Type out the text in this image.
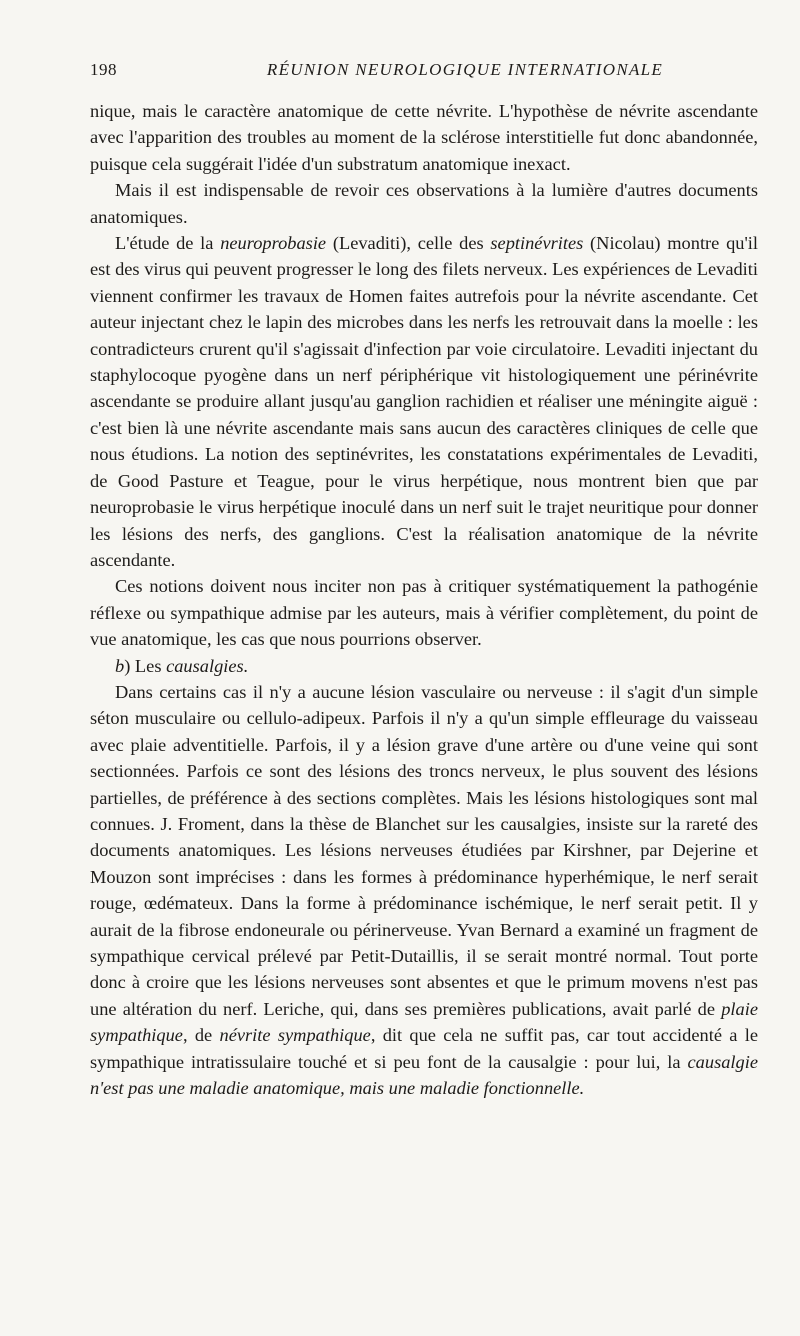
198	RÉUNION NEUROLOGIQUE INTERNATIONALE

nique, mais le caractère anatomique de cette névrite. L'hypothèse de névrite ascendante avec l'apparition des troubles au moment de la sclérose interstitielle fut donc abandonnée, puisque cela suggérait l'idée d'un substratum anatomique inexact.

Mais il est indispensable de revoir ces observations à la lumière d'autres documents anatomiques.

L'étude de la neuroprobasie (Levaditi), celle des septinévrites (Nicolau) montre qu'il est des virus qui peuvent progresser le long des filets nerveux. Les expériences de Levaditi viennent confirmer les travaux de Homen faites autrefois pour la névrite ascendante. Cet auteur injectant chez le lapin des microbes dans les nerfs les retrouvait dans la moelle : les contradicteurs crurent qu'il s'agissait d'infection par voie circulatoire. Levaditi injectant du staphylocoque pyogène dans un nerf périphérique vit histologiquement une périnévrite ascendante se produire allant jusqu'au ganglion rachidien et réaliser une méningite aiguë : c'est bien là une névrite ascendante mais sans aucun des caractères cliniques de celle que nous étudions. La notion des septinévrites, les constatations expérimentales de Levaditi, de Good Pasture et Teague, pour le virus herpétique, nous montrent bien que par neuroprobasie le virus herpétique inoculé dans un nerf suit le trajet neuritique pour donner les lésions des nerfs, des ganglions. C'est la réalisation anatomique de la névrite ascendante.

Ces notions doivent nous inciter non pas à critiquer systématiquement la pathogénie réflexe ou sympathique admise par les auteurs, mais à vérifier complètement, du point de vue anatomique, les cas que nous pourrions observer.

b) Les causalgies.

Dans certains cas il n'y a aucune lésion vasculaire ou nerveuse : il s'agit d'un simple séton musculaire ou cellulo-adipeux. Parfois il n'y a qu'un simple effleurage du vaisseau avec plaie adventitielle. Parfois, il y a lésion grave d'une artère ou d'une veine qui sont sectionnées. Parfois ce sont des lésions des troncs nerveux, le plus souvent des lésions partielles, de préférence à des sections complètes. Mais les lésions histologiques sont mal connues. J. Froment, dans la thèse de Blanchet sur les causalgies, insiste sur la rareté des documents anatomiques. Les lésions nerveuses étudiées par Kirshner, par Dejerine et Mouzon sont imprécises : dans les formes à prédominance hyperhémique, le nerf serait rouge, œdémateux. Dans la forme à prédominance ischémique, le nerf serait petit. Il y aurait de la fibrose endoneurale ou périnerveuse. Yvan Bernard a examiné un fragment de sympathique cervical prélevé par Petit-Dutaillis, il se serait montré normal. Tout porte donc à croire que les lésions nerveuses sont absentes et que le primum movens n'est pas une altération du nerf. Leriche, qui, dans ses premières publications, avait parlé de plaie sympathique, de névrite sympathique, dit que cela ne suffit pas, car tout accidenté a le sympathique intratissulaire touché et si peu font de la causalgie : pour lui, la causalgie n'est pas une maladie anatomique, mais une maladie fonctionnelle.
